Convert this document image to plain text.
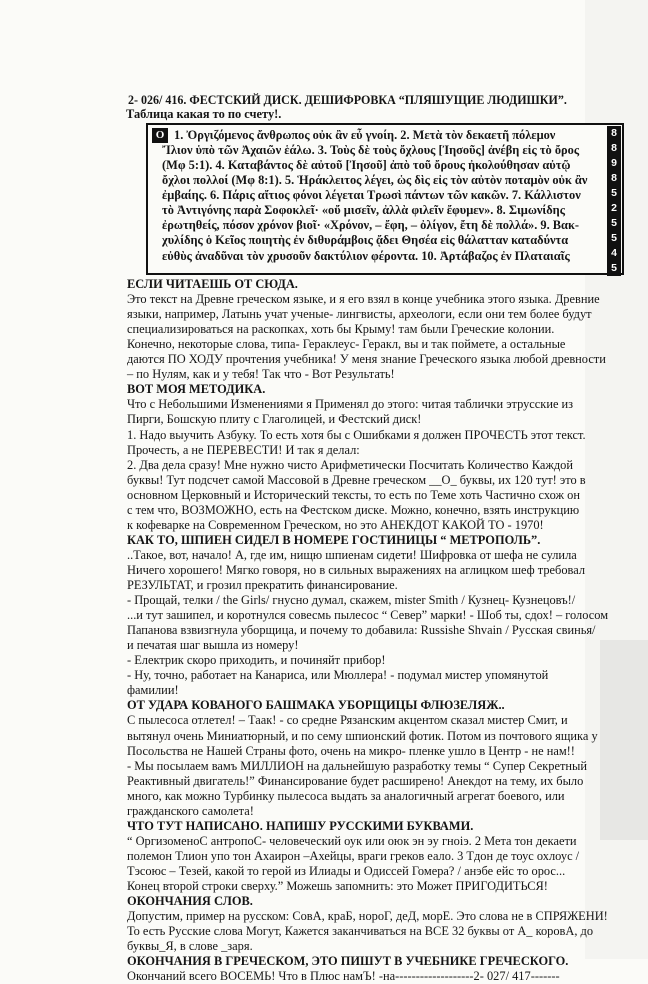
2- 026/ 416. ФЕСТСКИЙ ДИСК. ДЕШИФРОВКА “ПЛЯШУЩИЕ ЛЮДИШКИ”.
Таблица какая то по счету!.
O 1. Ὀργιζόμενος ἄνθρωπος οὐκ ἂν εὖ γνοίη. 2. Μετὰ τὸν δεκαετῆ πόλεμον
Ἴλιον ὑπὸ τῶν Ἀχαιῶν ἑάλω. 3. Τοὺς δὲ τοὺς ὄχλους [Ἰησοῦς] ἀνέβη εἰς τὸ ὄρος
(Μφ 5:1). 4. Καταβάντος δὲ αὐτοῦ [Ἰησοῦ] ἀπὸ τοῦ ὄρους ἠκολούθησαν αὐτῷ
ὄχλοι πολλοί (Μφ 8:1). 5. Ἡράκλειτος λέγει, ὡς δὶς εἰς τὸν αὐτὸν ποταμὸν οὐκ ἂν
ἐμβαίης. 6. Πάρις αἴτιος φόνοι λέγεται Τρωσὶ πάντων τῶν κακῶν. 7. Κάλλιστον
τὸ Ἀντιγόνης παρὰ Σοφοκλεῖ· «οὔ μισεῖν, ἀλλὰ φιλεῖν ἔφυμεν». 8. Σιμωνίδης
ἐρωτηθείς, πόσον χρόνον βιοῖ· «Χρόνον, – ἔφη, – ὀλίγον, ἔτη δὲ πολλά». 9. Βακ-
χυλίδης ὁ Κεῖος ποιητὴς ἐν διθυράμβοις ᾄδει Θησέα εἰς θάλατταν καταδύντα
εὐθὺς ἀναδῦναι τὸν χρυσοῦν δακτύλιον φέροντα. 10. Ἀρτάβαζος ἐν Πλαταιαῖς
8
8
9
8
5
2
5
5
4
5
ЕСЛИ ЧИТАЕШЬ ОТ СЮДА.
Это текст на Древне греческом языке, и я его взял в конце учебника этого языка. Древние
языки, например, Латынь учат ученые- лингвисты, археологи, если они тем более будут
специализироваться на раскопках, хоть бы Крыму! там были Греческие колонии.
Конечно, некоторые слова, типа- Гераклеус- Геракл, вы и так поймете, а остальные
даются ПО ХОДУ прочтения учебника! У меня знание Греческого языка любой древности
– по Нулям, как и у тебя! Так что - Вот Результать!
ВОТ МОЯ МЕТОДИКА.
Что с Небольшими Изменениями я Применял до этого: читая таблички этрусские из
Пирги, Бошскую плиту с Глаголицей, и Фестский диск!
1. Надо выучить Азбуку. То есть хотя бы с Ошибками я должен ПРОЧЕСТЬ этот текст.
Прочесть, а не ПЕРЕВЕСТИ! И так я делал:
2. Два дела сразу! Мне нужно чисто Арифметически Посчитать Количество Каждой
буквы! Тут подсчет самой Массовой в Древне греческом __О_ буквы, их 120 тут! это в
основном Церковный и Исторический тексты, то есть по Теме хоть Частично схож он
с тем что, ВОЗМОЖНО, есть на Фестском диске. Можно, конечно, взять инструкцию
к кофеварке на Современном Греческом, но это АНЕКДОТ КАКОЙ ТО - 1970!
КАК ТО, ШПИЕН СИДЕЛ В НОМЕРЕ ГОСТИНИЦЫ “ МЕТРОПОЛЬ”.
..Такое, вот, начало! А, где им, нищю шпиенам сидети! Шифровка от шефа не сулила
Ничего хорошего! Мягко говоря, но в сильных выражениях на аглицком шеф требовал
РЕЗУЛЬТАТ, и грозил прекратить финансирование.
- Прощай, телки / the Girls/ гнусно думал, скажем, mister Smith / Кузнец- Кузнецовъ!/
...и тут зашипел, и коротнулся совесмь пылесос “ Север” марки! - Шоб ты, сдох! – голосом
Папанова взвизгнула уборщица, и почему то добавила: Russishe Shvain / Русская свинья/
и печатая шаг вышла из номеру!
- Електрик скоро приходить, и починяйт прибор!
- Ну, точно, работает на Канариса, или Мюллера! - подумал мистер упомянутой
фамилии!
ОТ УДАРА КОВАНОГО БАШМАКА УБОРЩИЦЫ ФЛЮЗЕЛЯЖ..
С пылесоса отлетел! – Таак! - со средне Рязанским акцентом сказал мистер Смит, и
вытянул очень Миниатюрный, и по сему шпионский фотик. Потом из почтового ящика у
Посольства не Нашей Страны фото, очень на микро- пленке ушло в Центр - не нам!!
- Мы посылаем вамъ МИЛЛИОН на дальнейшую разработку темы “ Супер Секретный
Реактивный двигатель!” Финансирование будет расширено! Анекдот на тему, их было
много, как можно Турбинку пылесоса выдать за аналогичный агрегат боевого, или
гражданского самолета!
ЧТО ТУТ НАПИСАНО. НАПИШУ РУССКИМИ БУКВАМИ.
“ ОргизоменоС антропоС- человеческий оук или оюк эн эу гноiэ. 2 Мета тон декаети
полемон Тлион упо тон Ахаирон –Ахейцы, враги греков еало. 3 Тдон де тоус охлоус /
Тэсоюс – Тезей, какой то герой из Илиады и Одиссей Гомера? / анэбе ейс то орос...
Конец второй строки сверху.” Можешь запомнить: это Может ПРИГОДИТЬСЯ!
ОКОНЧАНИЯ СЛОВ.
Допустим, пример на русском: СовА, краБ, нороГ, деД, морЕ. Это слова не в СПРЯЖЕНИ!
То есть Русские слова Могут, Кажется заканчиваться на ВСЕ 32 буквы от А_ коровА, до
буквы_Я, в слове _заря.
ОКОНЧАНИЯ В ГРЕЧЕСКОМ, ЭТО ПИШУТ В УЧЕБНИКЕ ГРЕЧЕСКОГО.
Окончаний всего ВОСЕМЬ! Что в Плюс намЪ! -на-------------------2- 027/ 417-------
